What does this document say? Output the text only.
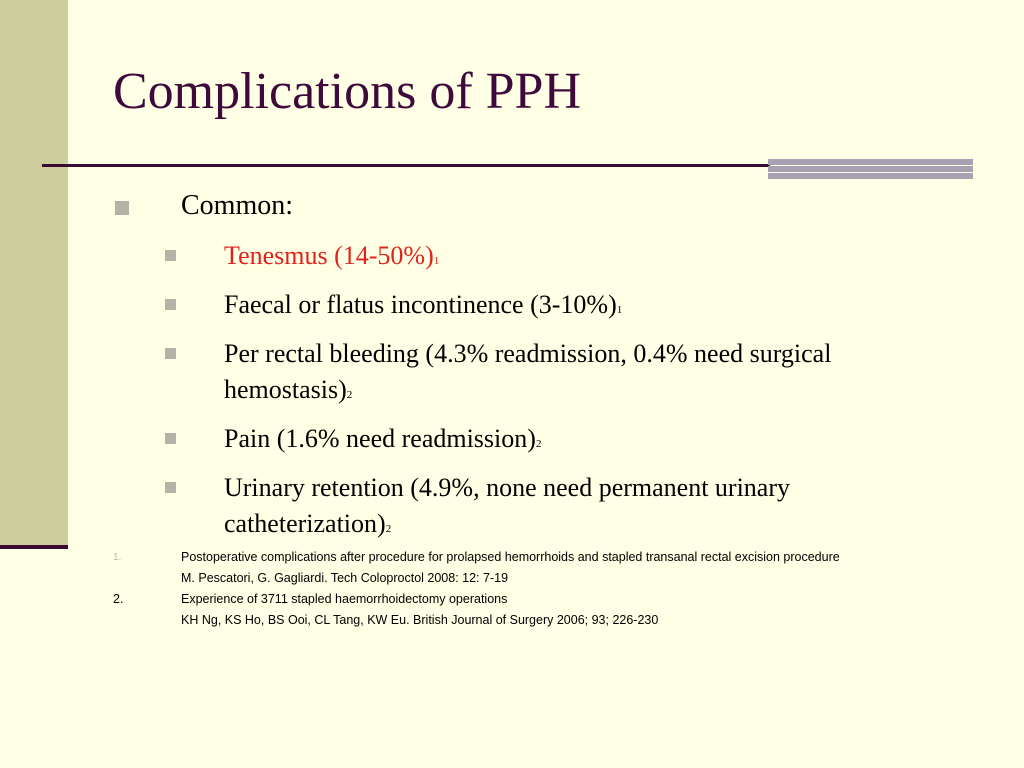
Complications of PPH
Common:
Tenesmus (14-50%)1
Faecal or flatus incontinence (3-10%)1
Per rectal bleeding (4.3% readmission, 0.4% need surgical hemostasis)2
Pain (1.6% need readmission)2
Urinary retention (4.9%, none need permanent urinary catheterization)2
1.	Postoperative complications after procedure for prolapsed hemorrhoids and stapled transanal rectal excision procedure
M. Pescatori, G. Gagliardi. Tech Coloproctol 2008: 12: 7-19
2.	Experience of 3711 stapled haemorrhoidectomy operations
KH Ng, KS Ho, BS Ooi, CL Tang, KW Eu. British Journal of Surgery 2006; 93; 226-230
